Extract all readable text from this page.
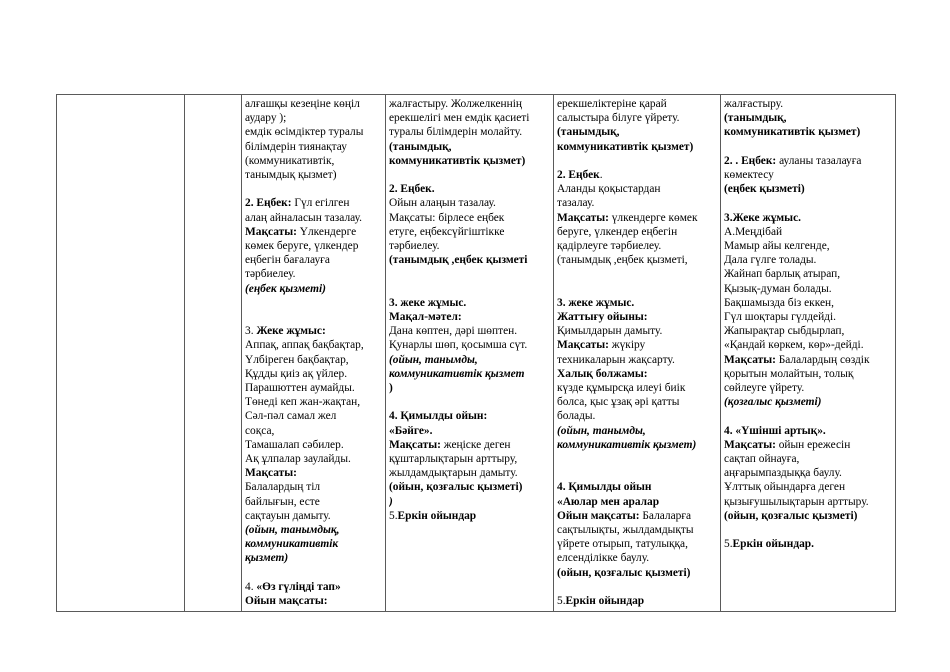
алғашқы кезеңіне көңіл
аудару );
емдік өсімдіктер туралы
білімдерін тиянақтау
(коммуникативтік,
танымдық қызмет)
2. Еңбек: Гүл егілген
алаң айналасын тазалау.
Мақсаты: Үлкендерге
көмек беруге, үлкендер
еңбегін бағалауға
тәрбиелеу.
(еңбек қызметі)
3. Жеке жұмыс:
Аппақ, аппақ бақбақтар,
Үлбіреген бақбақтар,
Құдды қиіз ақ үйлер.
Парашюттен аумайды.
Төнеді кеп жан-жақтан,
Сәл-пәл самал жел
соқса,
Тамашалап сәбилер.
Ақ ұлпалар заулайды.
Мақсаты:
Балалардың тіл
байлығын, есте
сақтауын дамыту.
(ойын, танымдық,
коммуникативтік
қызмет)
4. «Өз гүліңді тап»
Ойын мақсаты:
жалғастыру. Жолжелкеннің
ерекшелігі мен емдік қасиеті
туралы білімдерін молайту.
(танымдық,
коммуникативтік қызмет)
2. Еңбек.
Ойын алаңын тазалау.
Мақсаты: бірлесе еңбек
етуге, еңбексүйгіштікке
тәрбиелеу.
(танымдық ,еңбек қызметі
3. жеке жұмыс.
Мақал-мәтел:
Дана көптен, дәрі шөптен.
Қунарлы шөп, қосымша сүт.
(ойын, танымды,
коммуникативтік қызмет
)
4. Қимылды ойын:
«Бәйге».
Мақсаты: жеңіске деген
құштарлықтарын арттыру,
жылдамдықтарын дамыту.
(ойын, қозғалыс қызметі)
)
5.Еркін ойындар
ерекшеліктеріне қарай
салыстыра білуге үйрету.
(танымдық,
коммуникативтік қызмет)
2. Еңбек.
Аланды қоқыстардан
тазалау.
Мақсаты: үлкендерге көмек
беруге, үлкендер еңбегін
қадірлеуге тәрбиелеу.
(танымдық ,еңбек қызметі,
3. жеке жұмыс.
Жаттығу ойыны:
Қимылдарын дамыту.
Мақсаты: жүкіру
техникаларын жақсарту.
Халық болжамы:
күзде құмырсқа илеуі биік
болса, қыс ұзақ әрі қатты
болады.
(ойын, танымды,
коммуникативтік қызмет)
4. Қимылды ойын
«Аюлар мен аралар
Ойын мақсаты: Балаларға
сақтылықты, жылдамдықты
үйрете отырып, татулыққа,
елсенділікке баулу.
(ойын, қозғалыс қызметі)
5.Еркін ойындар
жалғастыру.
(танымдық,
коммуникативтік қызмет)
2. . Еңбек: ауланы тазалауға
көмектесу
(еңбек қызметі)
3.Жеке жұмыс.
А.Меңдібай
Мамыр айы келгенде,
Дала гүлге толады.
Жайнап барлық атырап,
Қызық-думан болады.
Бақшамызда біз еккен,
Гүл шоқтары гүлдейді.
Жапырақтар сыбдырлап,
«Қандай көркем, көр»-дейді.
Мақсаты: Балалардың сөздік
қорытын молайтын, толық
сөйлеуге үйрету.
(қозғалыс қызметі)
4. «Үшінші артық».
Мақсаты: ойын ережесін
сақтап ойнауға,
аңғарымпаздыққа баулу.
Ұлттық ойындарға деген
қызығушылықтарын арттыру.
(ойын, қозғалыс қызметі)
5.Еркін ойындар.
